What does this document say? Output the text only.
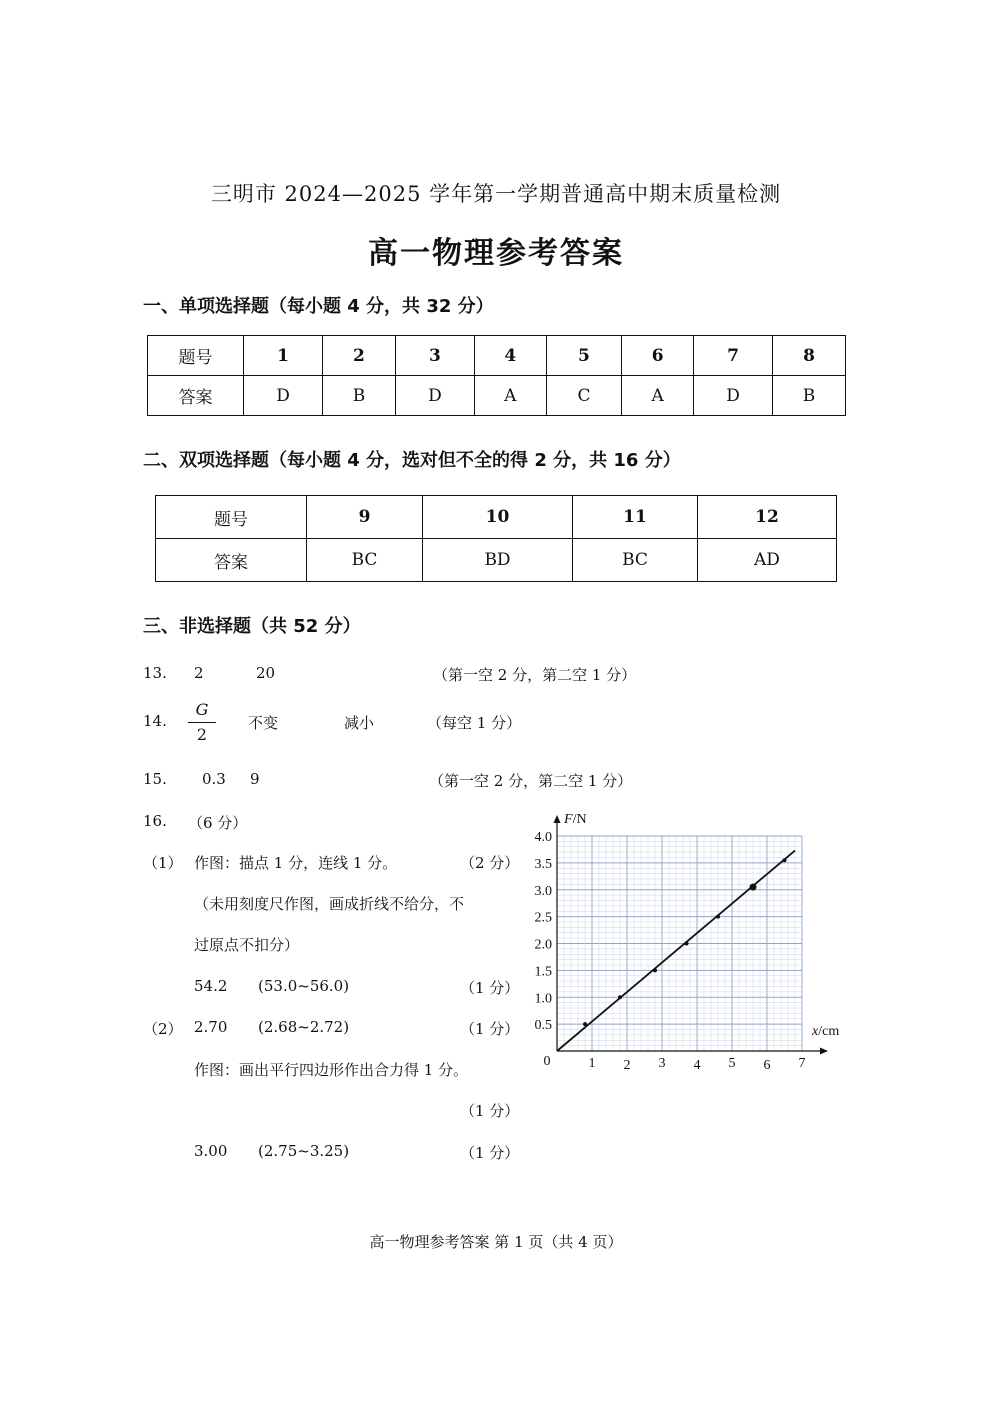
三明市 2024—2025 学年第一学期普通高中期末质量检测
高一物理参考答案
一、单项选择题（每小题 4 分，共 32 分）
题号	1	2	3	4	5	6	7	8
答案	D	B	D	A	C	A	D	B
二、双项选择题（每小题 4 分，选对但不全的得 2 分，共 16 分）
题号	9	10	11	12
答案	BC	BD	BC	AD
三、非选择题（共 52 分）
13. 2	20	（第一空 2 分，第二空 1 分）
14.
G
2
不变	减小	（每空 1 分）
15. 0.3 9	（第一空 2 分，第二空 1 分）
16. （6 分）
（1） 作图：描点 1 分，连线 1 分。	（2 分）
（未用刻度尺作图，画成折线不给分，不
过原点不扣分）
54.2 (53.0~56.0)	（1 分）
（2） 2.70 (2.68~2.72)	（1 分）
作图：画出平行四边形作出合力得 1 分。
（1 分）
3.00 (2.75~3.25)	（1 分）
F/N
x/cm
0	1 2 3 4 5 6 7
0.5
1.0
1.5
2.0
2.5
3.0
3.5
4.0
高一物理参考答案 第 1 页（共 4 页）
